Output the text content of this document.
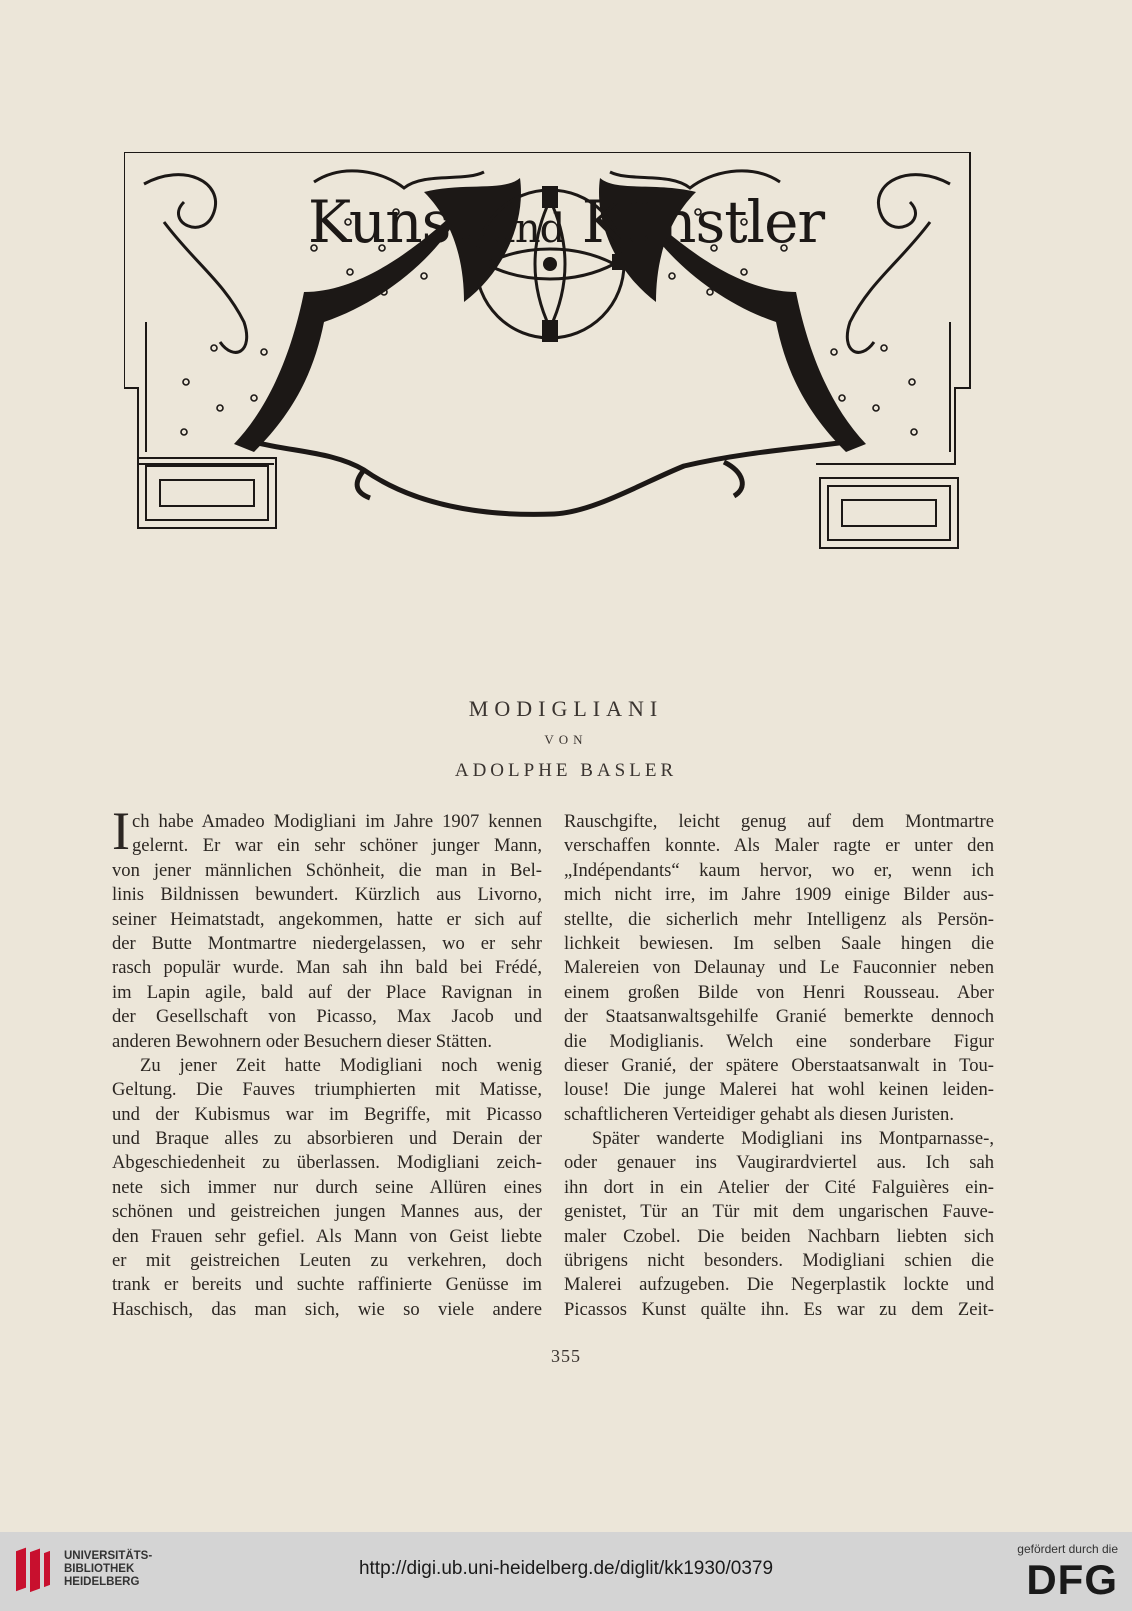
Kunst und Künstler
MODIGLIANI
VON
ADOLPHE BASLER
I ch habe Amadeo Modigliani im Jahre 1907 kennen
gelernt. Er war ein sehr schöner junger Mann,
von jener männlichen Schönheit, die man in Bel-
linis Bildnissen bewundert. Kürzlich aus Livorno,
seiner Heimatstadt, angekommen, hatte er sich auf
der Butte Montmartre niedergelassen, wo er sehr
rasch populär wurde. Man sah ihn bald bei Frédé,
im Lapin agile, bald auf der Place Ravignan in
der Gesellschaft von Picasso, Max Jacob und
anderen Bewohnern oder Besuchern dieser Stätten.
Zu jener Zeit hatte Modigliani noch wenig
Geltung. Die Fauves triumphierten mit Matisse,
und der Kubismus war im Begriffe, mit Picasso
und Braque alles zu absorbieren und Derain der
Abgeschiedenheit zu überlassen. Modigliani zeich-
nete sich immer nur durch seine Allüren eines
schönen und geistreichen jungen Mannes aus, der
den Frauen sehr gefiel. Als Mann von Geist liebte
er mit geistreichen Leuten zu verkehren, doch
trank er bereits und suchte raffinierte Genüsse im
Haschisch, das man sich, wie so viele andere
Rauschgifte, leicht genug auf dem Montmartre
verschaffen konnte. Als Maler ragte er unter den
„Indépendants“ kaum hervor, wo er, wenn ich
mich nicht irre, im Jahre 1909 einige Bilder aus-
stellte, die sicherlich mehr Intelligenz als Persön-
lichkeit bewiesen. Im selben Saale hingen die
Malereien von Delaunay und Le Fauconnier neben
einem großen Bilde von Henri Rousseau. Aber
der Staatsanwaltsgehilfe Granié bemerkte dennoch
die Modiglianis. Welch eine sonderbare Figur
dieser Granié, der spätere Oberstaatsanwalt in Tou-
louse! Die junge Malerei hat wohl keinen leiden-
schaftlicheren Verteidiger gehabt als diesen Juristen.
Später wanderte Modigliani ins Montparnasse-,
oder genauer ins Vaugirardviertel aus. Ich sah
ihn dort in ein Atelier der Cité Falguières ein-
genistet, Tür an Tür mit dem ungarischen Fauve-
maler Czobel. Die beiden Nachbarn liebten sich
übrigens nicht besonders. Modigliani schien die
Malerei aufzugeben. Die Negerplastik lockte und
Picassos Kunst quälte ihn. Es war zu dem Zeit-
355
UNIVERSITÄTS-
BIBLIOTHEK
HEIDELBERG
http://digi.ub.uni-heidelberg.de/diglit/kk1930/0379
gefördert durch die
DFG
